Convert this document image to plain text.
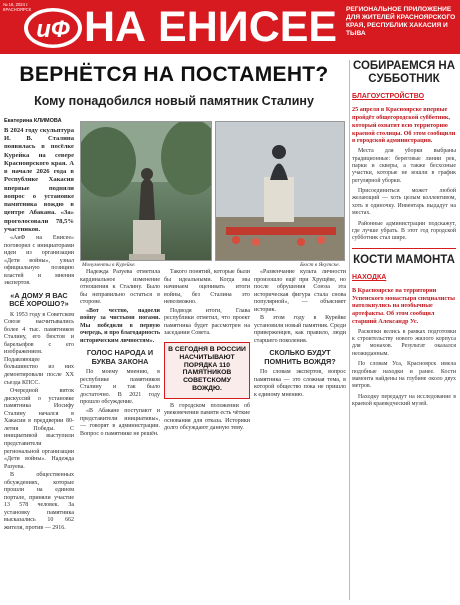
№ 16, 2024 г.
КРАСНОЯРСК
иФ НА ЕНИСЕЕ	РЕГИОНАЛЬНОЕ ПРИЛОЖЕНИЕ ДЛЯ ЖИТЕЛЕЙ КРАСНОЯРСКОГО КРАЯ, РЕСПУБЛИК ХАКАСИЯ И ТЫВА
ВЕРНЁТСЯ НА ПОСТАМЕНТ?
Кому понадобился новый памятник Сталину
Екатерина КЛИМОВА

В 2024 году скульптура И. В. Сталина появилась в посёлке Курейка на севере Красноярского края. А в начале 2026 года в Республике Хакасия впервые подняли вопрос о установке памятника вождю в центре Абакана. «За» проголосовали 78,5% участников.

«АиФ на Енисее» поговорил с инициаторами идеи из организации «Дети войны», узнал официальную позицию властей и мнения экспертов.

«А ДОМУ Я ВАС ВСЁ ХОРОШО?»

К 1953 году в Советском Союзе насчитывались более 4 тыс. памятников Сталину, его бюстов и барельефов с его изображением. Подавляющее большинство из них демонтировали после XX съезда КПСС.

Очередной виток дискуссий о установке памятника Иосифу Сталину начался в Хакасии в преддверии 80-летия Победы. С инициативой выступили представители региональной организации «Дети войны». Надежда Разуева.

В общественных обсуждениях, которые прошли на едином портале, приняли участие 13 578 человек. За установку памятника высказались 10 662 жителя, против — 2916.

Монументы в Курейке.	Бюст в Якутске.

Надежда Разуева отметила кардинальное изменение отношения к Сталину. Было бы неправильно остаться в стороне.

«Вот честно, надоели войну за чистыми ногами. Мы победили в первую очередь, и про благодарность историческим личностям».

ГОЛОС НАРОДА И БУКВА ЗАКОНА

По моему мнению, в республике памятников Сталину и так было достаточно. В 2021 году прошло обсуждение.

«В Абакане поступают и представители инициативы», — говорят в администрации. Вопрос о памятнике не решён.

Такого понятий, которые были бы идеальными. Когда мы начинаем оценивать итоги войны, без Сталина это невозможно.

Подводя итоги, Глава республики отметил, что проект памятника будет рассмотрен на заседании Совета.

В СЕГОДНЯ В РОССИИ НАСЧИТЫВАЮТ ПОРЯДКА 110 ПАМЯТНИКОВ СОВЕТСКОМУ ВОЖДЮ.

В городском положении об увековечении памяти есть чёткие основания для отказа. Историки долго обсуждают данную тему.

«Развенчание культа личности произошло ещё при Хрущёве, но после обрушения Союза эта историческая фигура стала снова популярной», — объясняет историк.

В этом году в Курейке установили новый памятник. Среди приверженцев, как правило, люди старшего поколения.

СКОЛЬКО БУДУТ ПОМНИТЬ ВОЖДЯ?

По словам экспертов, вопрос памятника — это сложная тема, в которой общество пока не пришло к единому мнению.

СОБИРАЕМСЯ НА СУББОТНИК
БЛАГОУСТРОЙСТВО
25 апреля в Красноярске впервые пройдёт общегородской субботник, который охватит всю территорию краевой столицы. Об этом сообщили в городской администрации.

Места для уборки выбраны традиционные: береговые линии рек, парки и скверы, а также бесхозные участки, которые не вошли в график регулярной уборки.

Присоединиться может любой желающий — хоть целым коллективом, хоть в одиночку. Инвентарь выдадут на местах.

Районные администрации подскажут, где лучше убрать. В этот год городской субботник стал шире.

КОСТИ МАМОНТА
НАХОДКА
В Красноярске на территории Успенского монастыря специалисты натолкнулись на необычные артефакты. Об этом сообщил старший Александр Ус.

Раскопки велись в рамках подготовки к строительству нового жилого корпуса для монахов. Результат оказался неожиданным.

По словам Уса, Красноярск имела подобные находки и ранее. Кости мамонта найдены на глубине около двух метров.

Находку передадут на исследование в краевой краеведческий музей.
